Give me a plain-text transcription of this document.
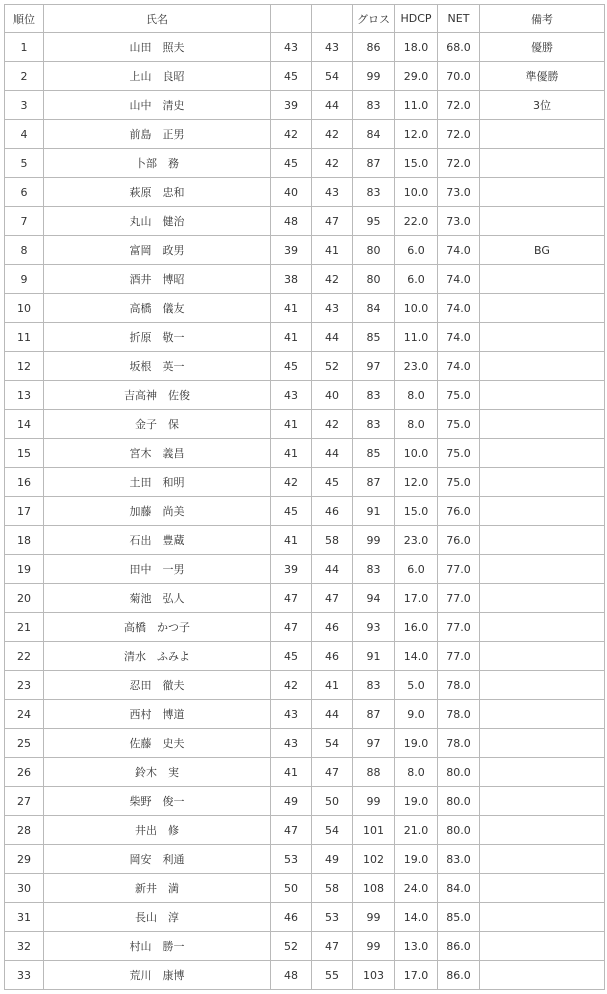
順位	氏名			グロス	HDCP	NET	備考
1	山田　照夫	43	43	86	18.0	68.0	優勝
2	上山　良昭	45	54	99	29.0	70.0	準優勝
3	山中　清史	39	44	83	11.0	72.0	3位
4	前島　正男	42	42	84	12.0	72.0	
5	卜部　務	45	42	87	15.0	72.0	
6	萩原　忠和	40	43	83	10.0	73.0	
7	丸山　健治	48	47	95	22.0	73.0	
8	富岡　政男	39	41	80	6.0	74.0	BG
9	酒井　博昭	38	42	80	6.0	74.0	
10	高橋　儀友	41	43	84	10.0	74.0	
11	折原　敬一	41	44	85	11.0	74.0	
12	坂根　英一	45	52	97	23.0	74.0	
13	吉高神　佐俊	43	40	83	8.0	75.0	
14	金子　保	41	42	83	8.0	75.0	
15	宮木　義昌	41	44	85	10.0	75.0	
16	土田　和明	42	45	87	12.0	75.0	
17	加藤　尚美	45	46	91	15.0	76.0	
18	石出　豊蔵	41	58	99	23.0	76.0	
19	田中　一男	39	44	83	6.0	77.0	
20	菊池　弘人	47	47	94	17.0	77.0	
21	高橋　かつ子	47	46	93	16.0	77.0	
22	清水　ふみよ	45	46	91	14.0	77.0	
23	忍田　徹夫	42	41	83	5.0	78.0	
24	西村　博道	43	44	87	9.0	78.0	
25	佐藤　史夫	43	54	97	19.0	78.0	
26	鈴木　実	41	47	88	8.0	80.0	
27	柴野　俊一	49	50	99	19.0	80.0	
28	井出　修	47	54	101	21.0	80.0	
29	岡安　利通	53	49	102	19.0	83.0	
30	新井　満	50	58	108	24.0	84.0	
31	長山　淳	46	53	99	14.0	85.0	
32	村山　勝一	52	47	99	13.0	86.0	
33	荒川　康博	48	55	103	17.0	86.0	
